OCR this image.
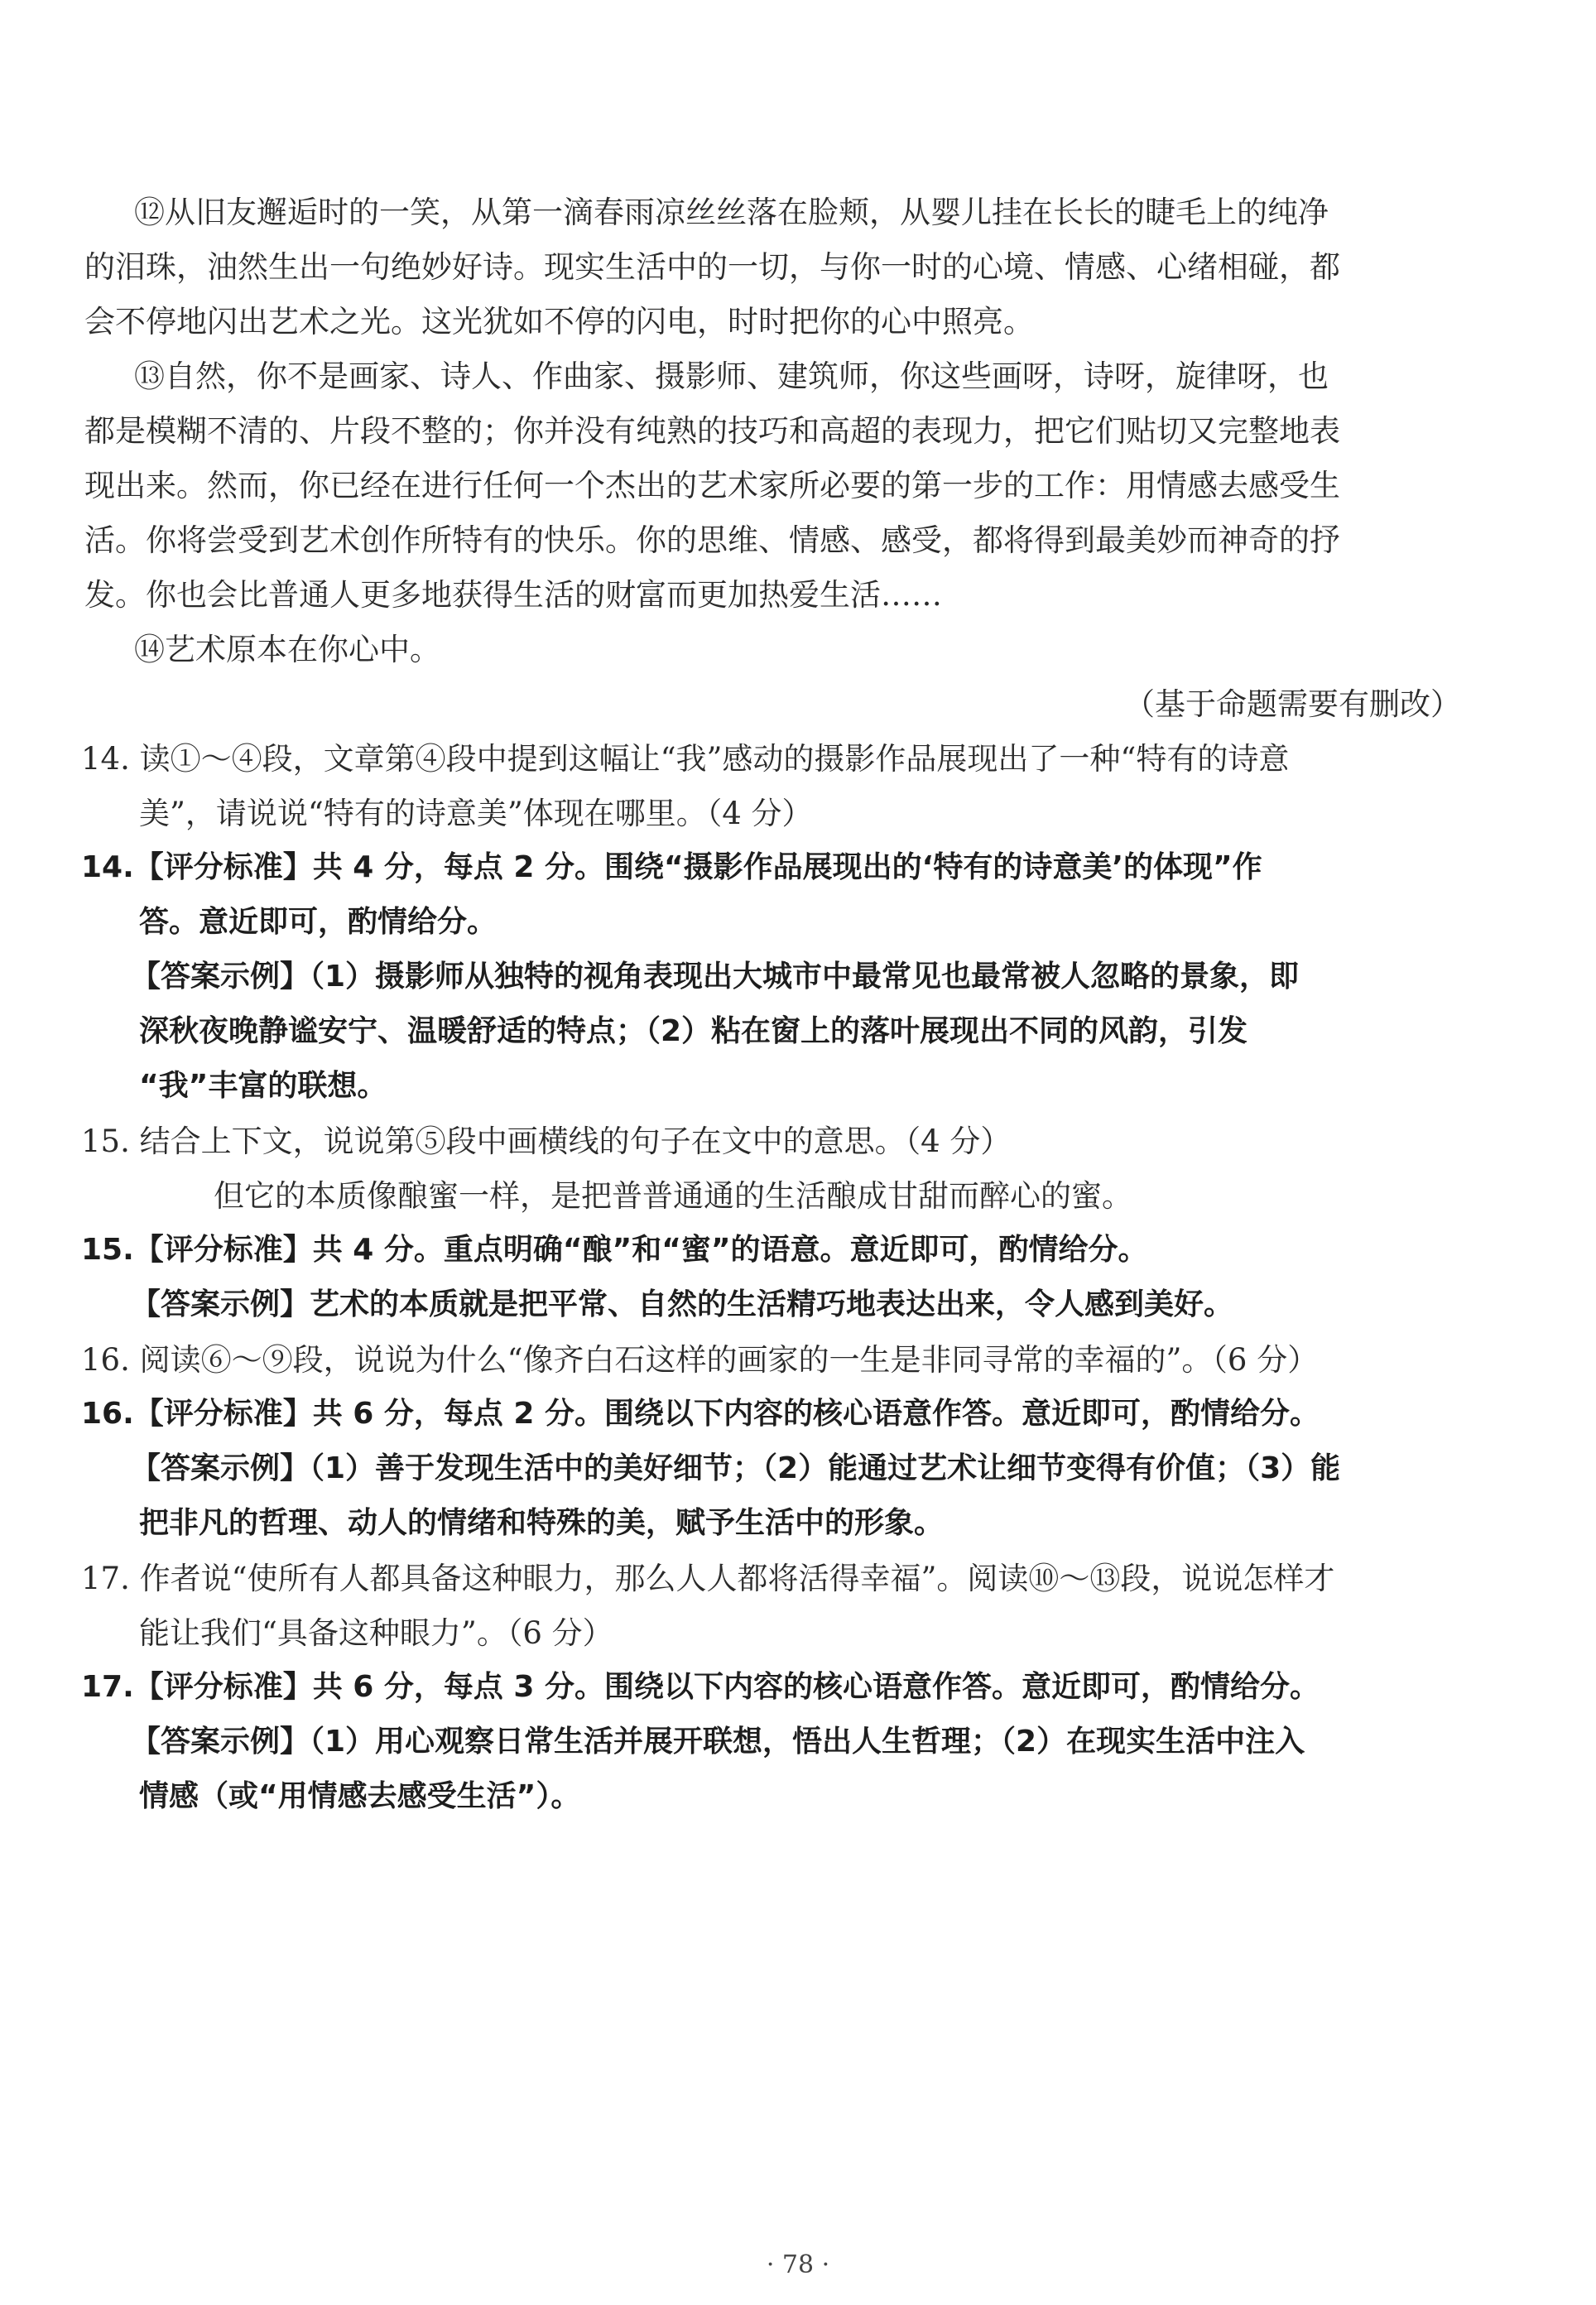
⑫从旧友邂逅时的一笑，从第一滴春雨凉丝丝落在脸颊，从婴儿挂在长长的睫毛上的纯净
的泪珠，油然生出一句绝妙好诗。现实生活中的一切，与你一时的心境、情感、心绪相碰，都
会不停地闪出艺术之光。这光犹如不停的闪电，时时把你的心中照亮。
⑬自然，你不是画家、诗人、作曲家、摄影师、建筑师，你这些画呀，诗呀，旋律呀，也
都是模糊不清的、片段不整的；你并没有纯熟的技巧和高超的表现力，把它们贴切又完整地表
现出来。然而，你已经在进行任何一个杰出的艺术家所必要的第一步的工作：用情感去感受生
活。你将尝受到艺术创作所特有的快乐。你的思维、情感、感受，都将得到最美妙而神奇的抒
发。你也会比普通人更多地获得生活的财富而更加热爱生活……
⑭艺术原本在你心中。
（基于命题需要有删改）
14. 读①～④段，文章第④段中提到这幅让“我”感动的摄影作品展现出了一种“特有的诗意
美”，请说说“特有的诗意美”体现在哪里。（4 分）
14.【评分标准】共 4 分，每点 2 分。围绕“摄影作品展现出的‘特有的诗意美’的体现”作
答。意近即可，酌情给分。
【答案示例】（1）摄影师从独特的视角表现出大城市中最常见也最常被人忽略的景象，即
深秋夜晚静谧安宁、温暖舒适的特点；（2）粘在窗上的落叶展现出不同的风韵，引发
“我”丰富的联想。
15. 结合上下文，说说第⑤段中画横线的句子在文中的意思。（4 分）
但它的本质像酿蜜一样，是把普普通通的生活酿成甘甜而醉心的蜜。
15.【评分标准】共 4 分。重点明确“酿”和“蜜”的语意。意近即可，酌情给分。
【答案示例】艺术的本质就是把平常、自然的生活精巧地表达出来，令人感到美好。
16. 阅读⑥～⑨段，说说为什么“像齐白石这样的画家的一生是非同寻常的幸福的”。（6 分）
16.【评分标准】共 6 分，每点 2 分。围绕以下内容的核心语意作答。意近即可，酌情给分。
【答案示例】（1）善于发现生活中的美好细节；（2）能通过艺术让细节变得有价值；（3）能
把非凡的哲理、动人的情绪和特殊的美，赋予生活中的形象。
17. 作者说“使所有人都具备这种眼力，那么人人都将活得幸福”。阅读⑩～⑬段，说说怎样才
能让我们“具备这种眼力”。（6 分）
17.【评分标准】共 6 分，每点 3 分。围绕以下内容的核心语意作答。意近即可，酌情给分。
【答案示例】（1）用心观察日常生活并展开联想，悟出人生哲理；（2）在现实生活中注入
情感（或“用情感去感受生活”）。
· 78 ·
